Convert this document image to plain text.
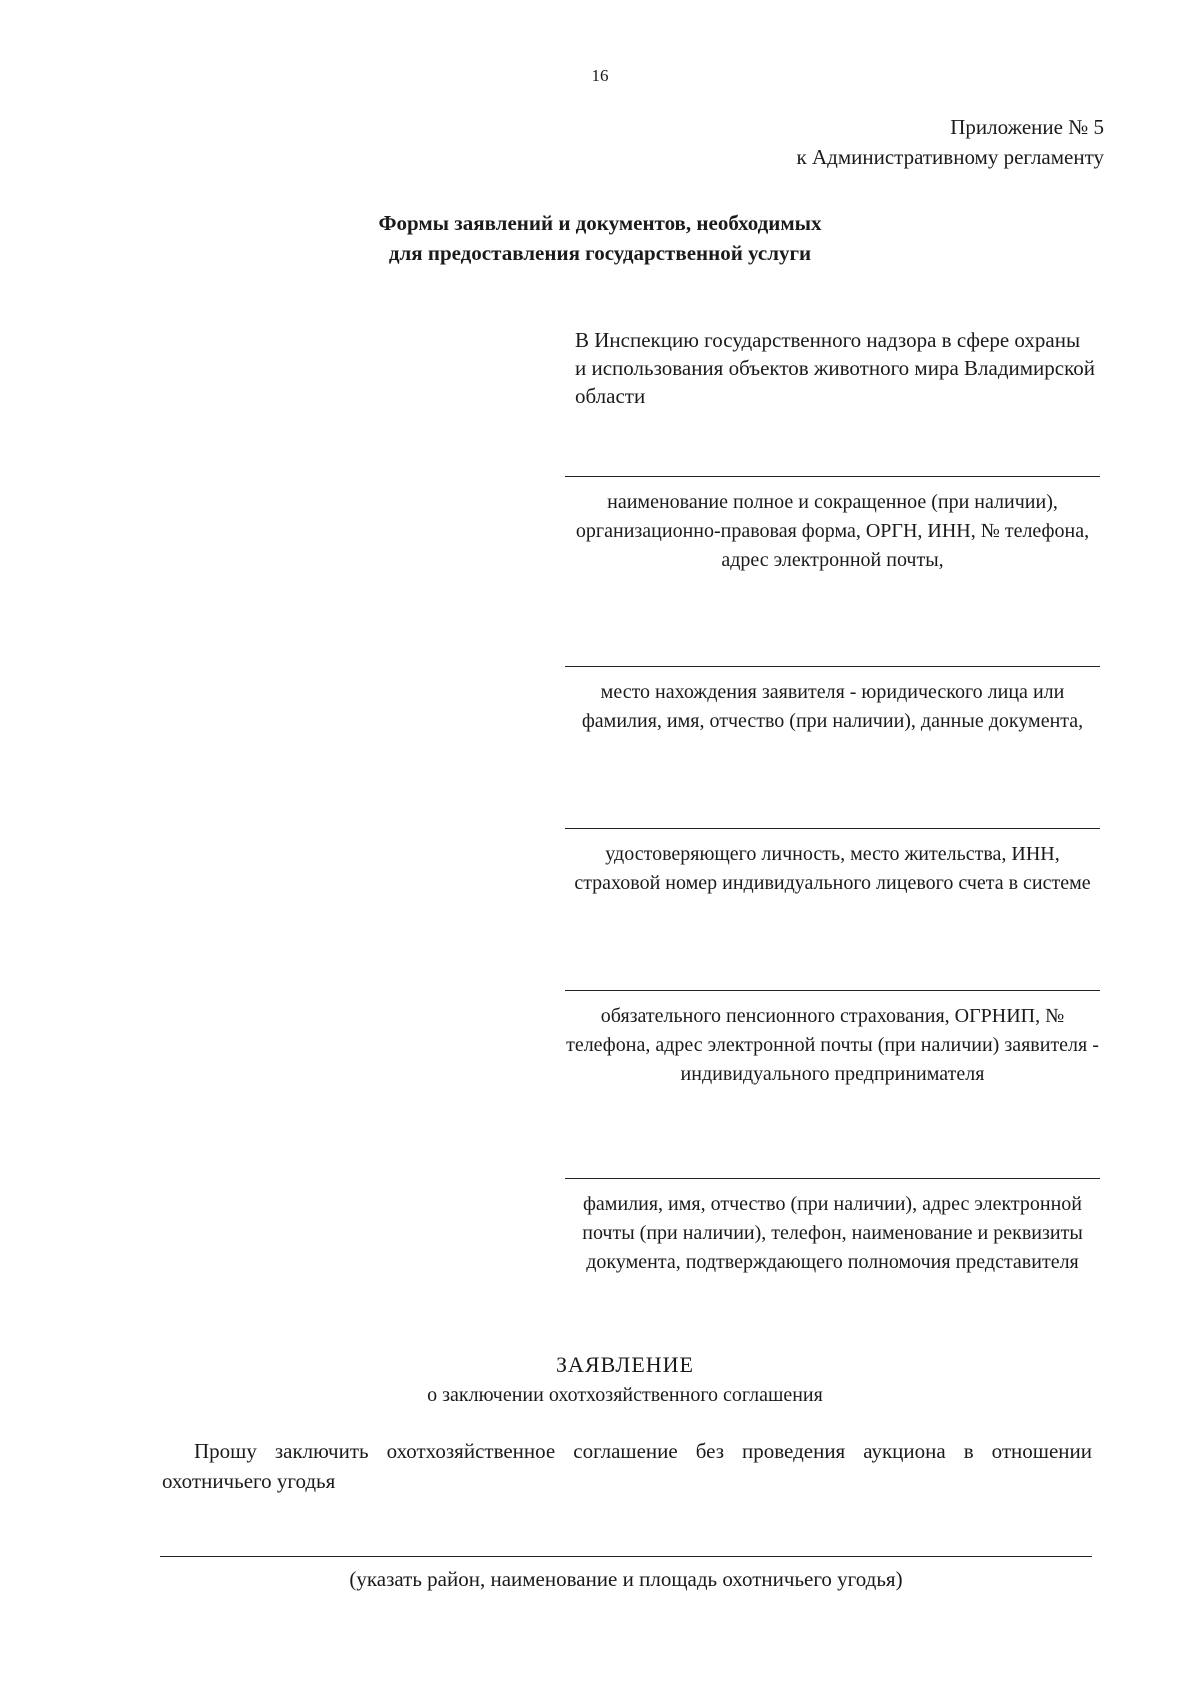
16
Приложение № 5
к Административному регламенту
Формы заявлений и документов, необходимых
для предоставления государственной услуги
В Инспекцию государственного надзора в сфере охраны и использования объектов животного мира Владимирской области
наименование полное и сокращенное (при наличии), организационно-правовая форма, ОРГН, ИНН, № телефона, адрес электронной почты,
место нахождения заявителя - юридического лица или фамилия, имя, отчество (при наличии), данные документа,
удостоверяющего личность, место жительства, ИНН, страховой номер индивидуального лицевого счета в системе
обязательного пенсионного страхования, ОГРНИП, № телефона, адрес электронной почты (при наличии) заявителя - индивидуального предпринимателя
фамилия, имя, отчество (при наличии), адрес электронной почты (при наличии), телефон, наименование и реквизиты документа, подтверждающего полномочия представителя
ЗАЯВЛЕНИЕ
о заключении охотхозяйственного соглашения
Прошу заключить охотхозяйственное соглашение без проведения аукциона в отношении охотничьего угодья
(указать район, наименование и площадь охотничьего угодья)
